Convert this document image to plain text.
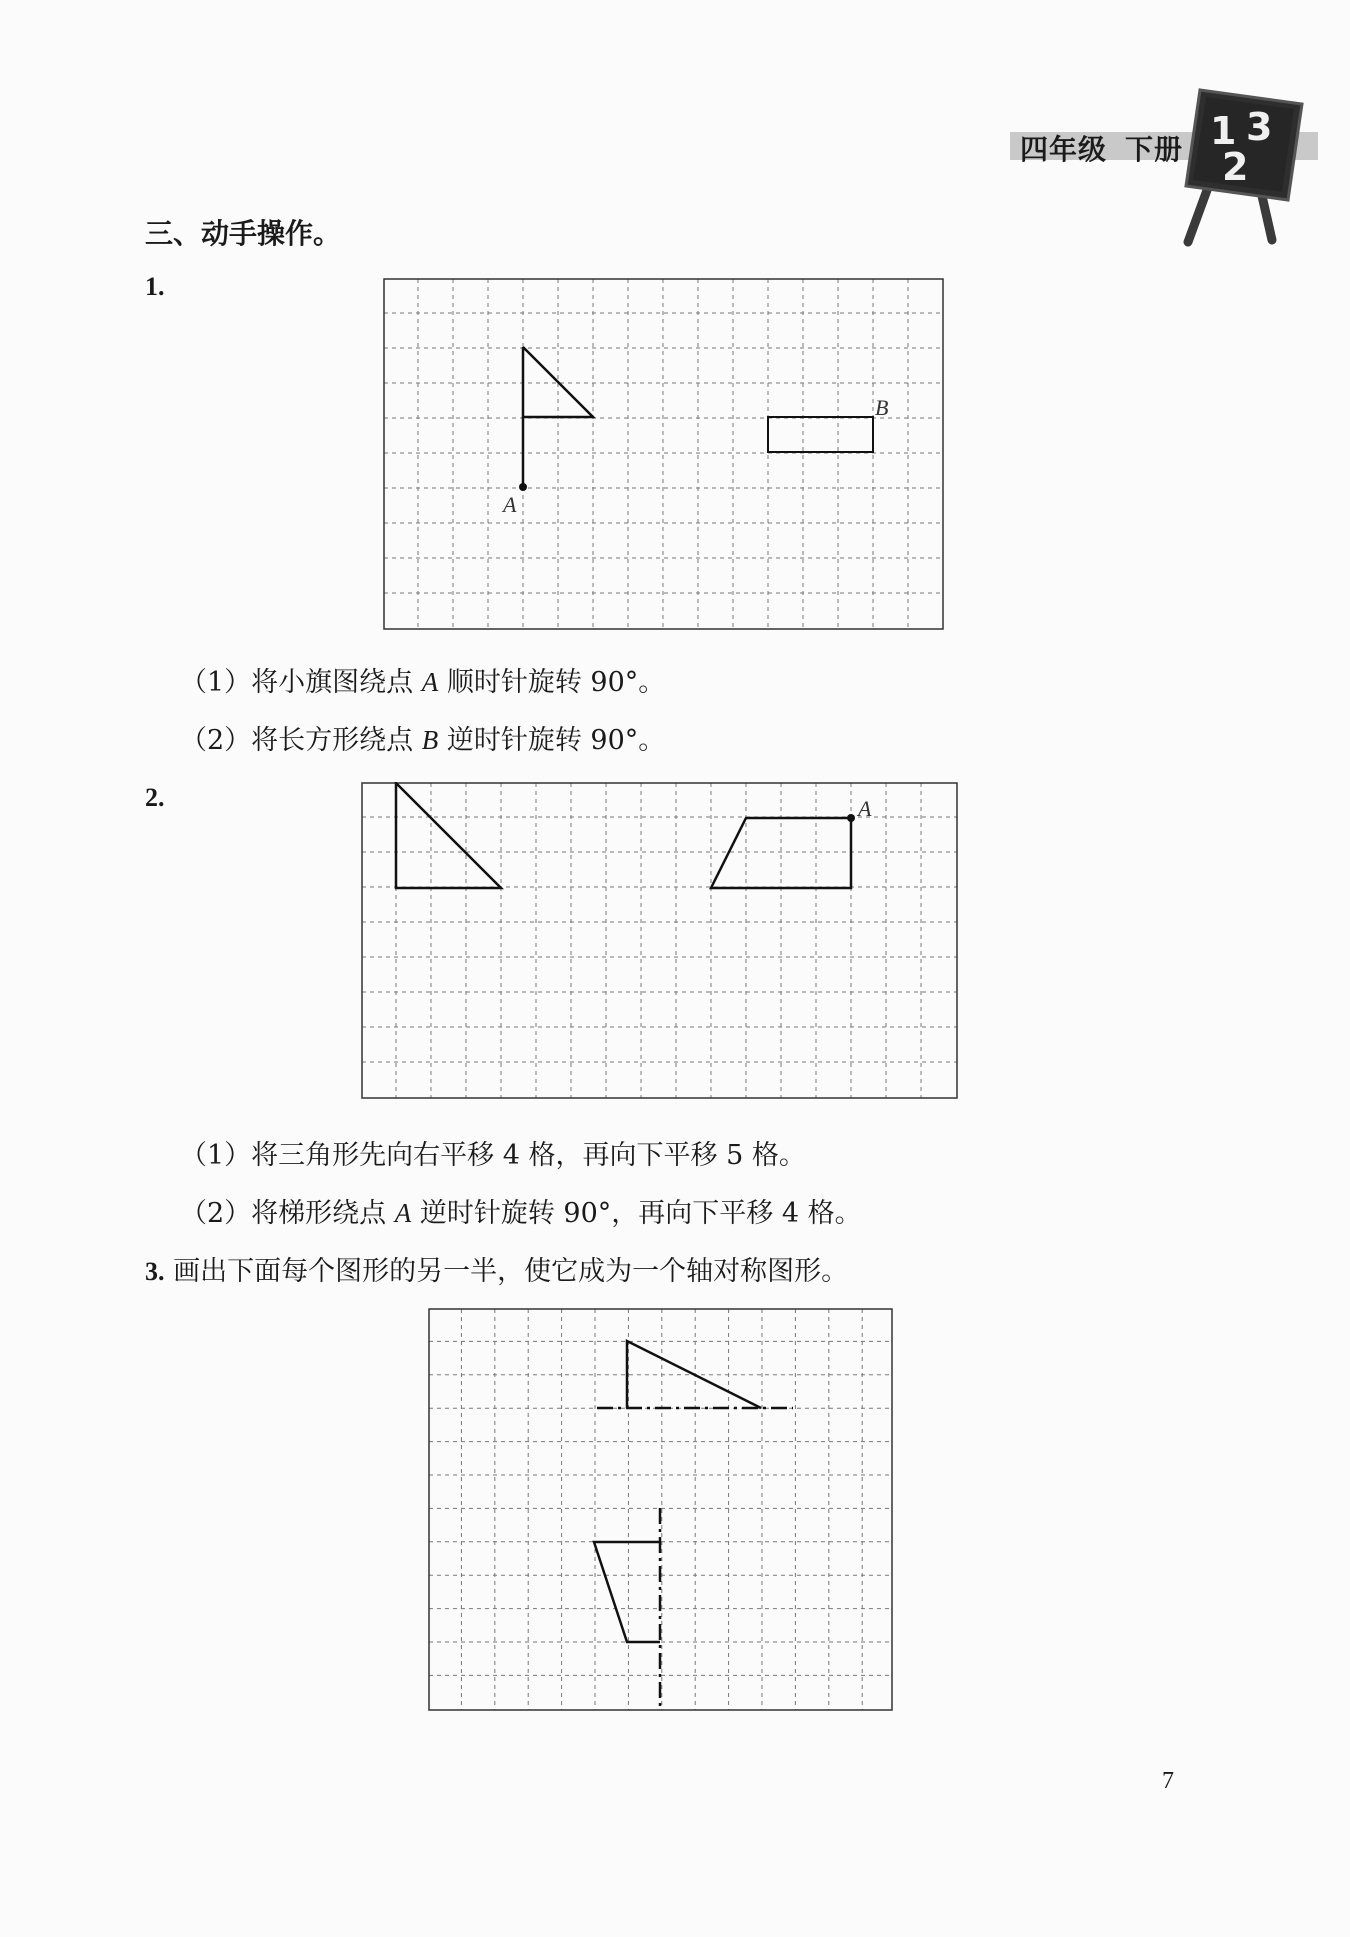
四年级 下册 1 3
2
三、动手操作。
1.
A
B
（1）将小旗图绕点 A 顺时针旋转 90°。
（2）将长方形绕点 B 逆时针旋转 90°。
2.	A
（1）将三角形先向右平移 4 格，再向下平移 5 格。
（2）将梯形绕点 A 逆时针旋转 90°，再向下平移 4 格。
3. 画出下面每个图形的另一半，使它成为一个轴对称图形。
7
